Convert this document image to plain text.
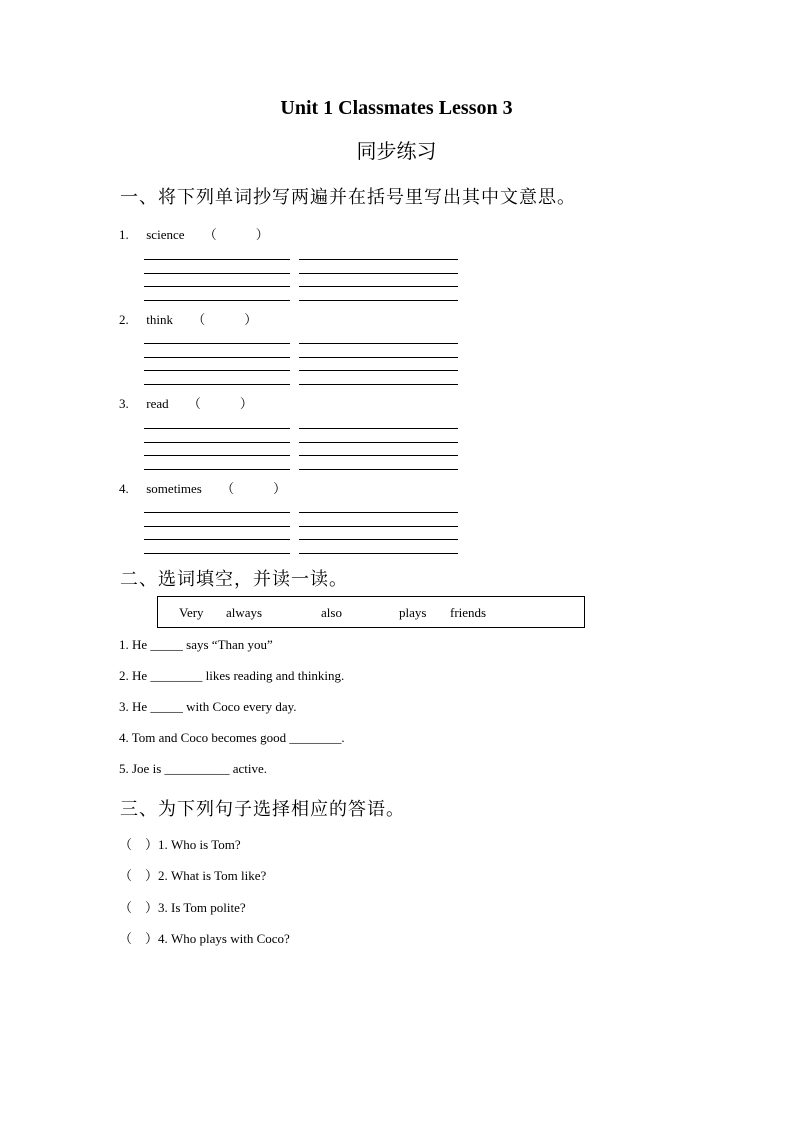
Unit 1 Classmates Lesson 3
同步练习
一、将下列单词抄写两遍并在括号里写出其中文意思。
1. science （　　　）
2. think （　　　）
3. read （　　　）
4. sometimes （　　　）
二、选词填空，并读一读。
Very always	also	plays friends
1. He _____ says “Than you”
2. He ________ likes reading and thinking.
3. He _____ with Coco every day.
4. Tom and Coco becomes good ________.
5. Joe is __________ active.
三、为下列句子选择相应的答语。
（　）1. Who is Tom?
（　）2. What is Tom like?
（　）3. Is Tom polite?
（　）4. Who plays with Coco?
